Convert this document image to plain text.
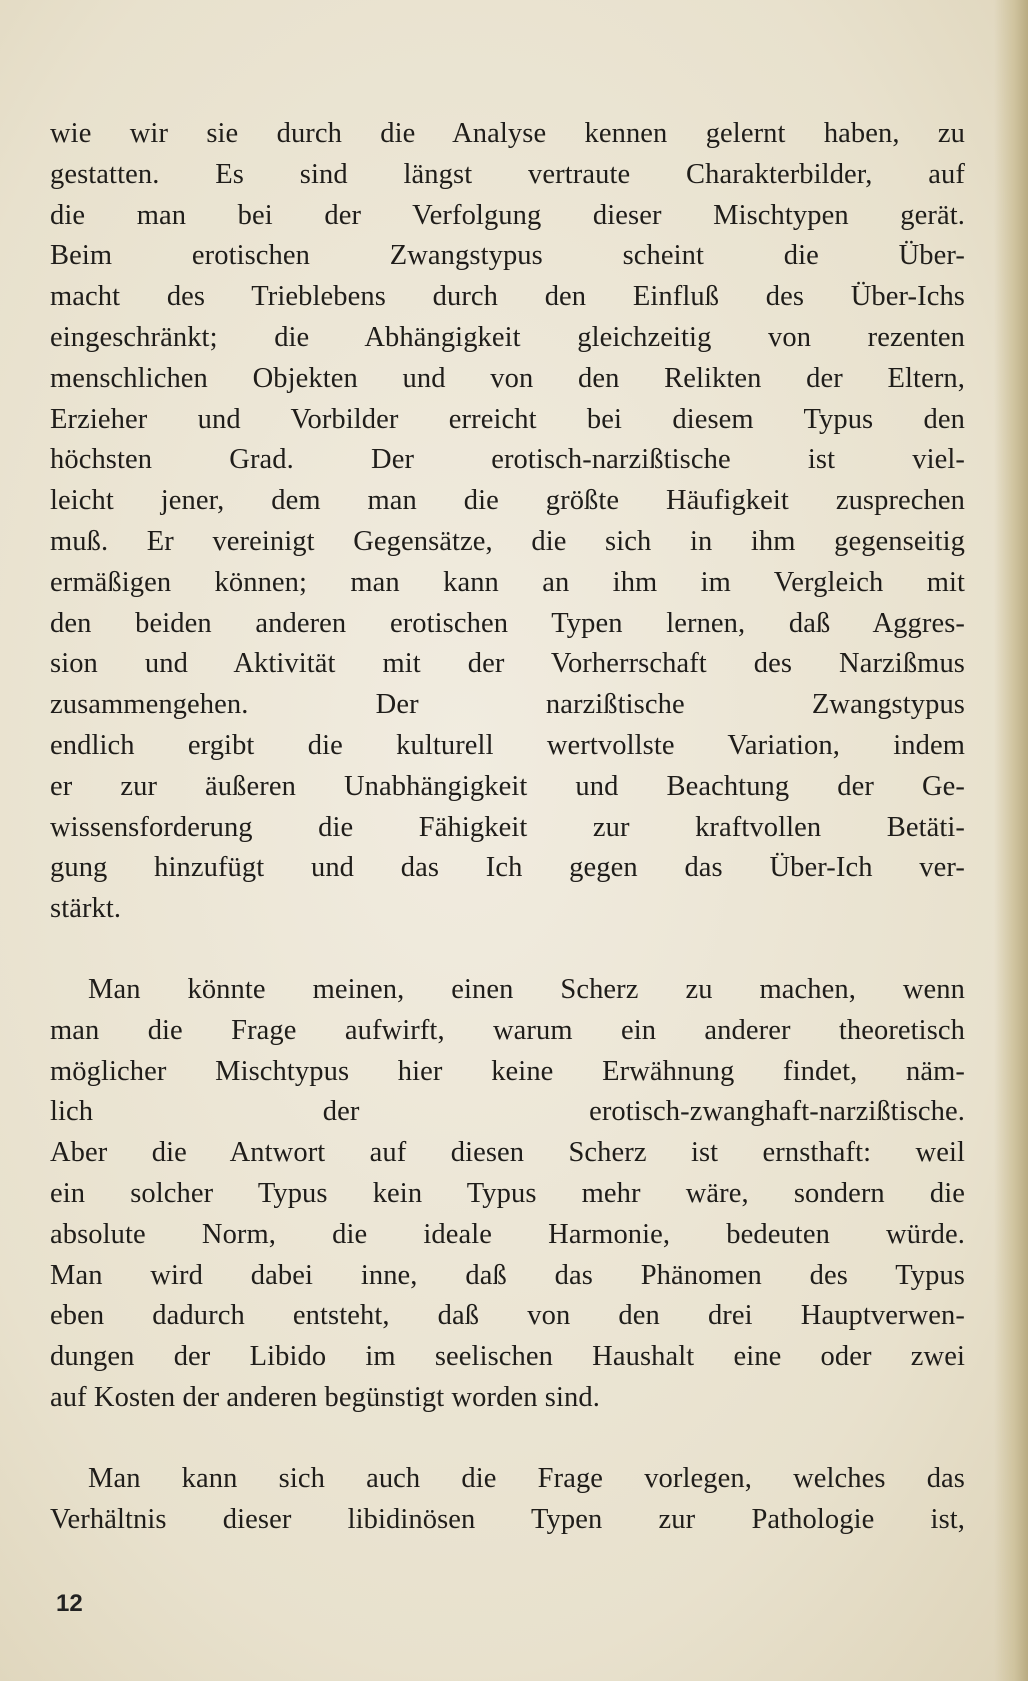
wie wir sie durch die Analyse kennen gelernt haben, zu
gestatten. Es sind längst vertraute Charakterbilder, auf
die man bei der Verfolgung dieser Mischtypen gerät.
Beim erotischen Zwangstypus scheint die Über-
macht des Trieblebens durch den Einfluß des Über-Ichs
eingeschränkt; die Abhängigkeit gleichzeitig von rezenten
menschlichen Objekten und von den Relikten der Eltern,
Erzieher und Vorbilder erreicht bei diesem Typus den
höchsten Grad. Der erotisch-narzißtische ist viel-
leicht jener, dem man die größte Häufigkeit zusprechen
muß. Er vereinigt Gegensätze, die sich in ihm gegenseitig
ermäßigen können; man kann an ihm im Vergleich mit
den beiden anderen erotischen Typen lernen, daß Aggres-
sion und Aktivität mit der Vorherrschaft des Narzißmus
zusammengehen. Der narzißtische Zwangstypus
endlich ergibt die kulturell wertvollste Variation, indem
er zur äußeren Unabhängigkeit und Beachtung der Ge-
wissensforderung die Fähigkeit zur kraftvollen Betäti-
gung hinzufügt und das Ich gegen das Über-Ich ver-
stärkt.
Man könnte meinen, einen Scherz zu machen, wenn
man die Frage aufwirft, warum ein anderer theoretisch
möglicher Mischtypus hier keine Erwähnung findet, näm-
lich der erotisch-zwanghaft-narzißtische.
Aber die Antwort auf diesen Scherz ist ernsthaft: weil
ein solcher Typus kein Typus mehr wäre, sondern die
absolute Norm, die ideale Harmonie, bedeuten würde.
Man wird dabei inne, daß das Phänomen des Typus
eben dadurch entsteht, daß von den drei Hauptverwen-
dungen der Libido im seelischen Haushalt eine oder zwei
auf Kosten der anderen begünstigt worden sind.
Man kann sich auch die Frage vorlegen, welches das
Verhältnis dieser libidinösen Typen zur Pathologie ist,
12
